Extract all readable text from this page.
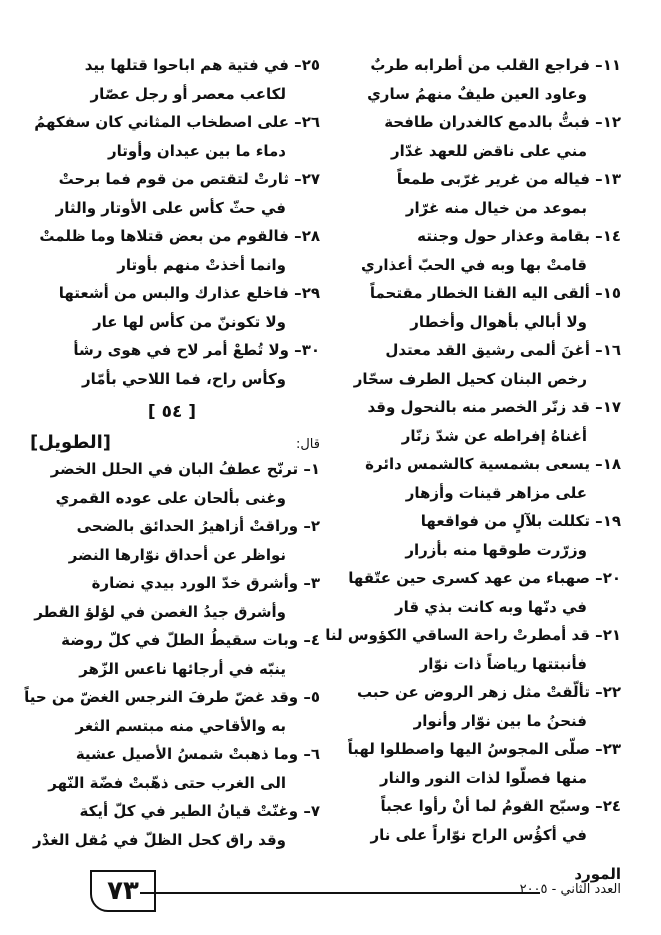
١١– فراجع القلب من أطرابه طربٌ
وعاود العين طيفٌ منهمُ ساري
١٢– فبتُّ بالدمع كالغدران طافحة
مني على ناقض للعهد غدّار
١٣– فياله من غرير غرّبى طمعاً
بموعد من خيال منه غرّار
١٤– بقامة وعذار حول وجنته
قامتْ بها وبه في الحبّ أعذاري
١٥– ألقى اليه القنا الخطار مقتحماً
ولا أبالي بأهوال وأخطار
١٦– أغنَ ألمى رشيق القد معتدل
رخص البنان كحيل الطرف سحّار
١٧– قد زنّر الخصر منه بالنحول وقد
أغناهُ إفراطه عن شدّ زنّار
١٨– يسعى بشمسية كالشمس دائرة
على مزاهر قينات وأزهار
١٩– تكللت بلآلٍ من فواقعها
وزرّرت طوقها منه بأزرار
٢٠– صهباء من عهد كسرى حين عتّقها
في دنّها وبه كانت بذي قار
٢١– قد أمطرتْ راحة الساقي الكؤوس لنا
فأنبتتها رياضاً ذات نوّار
٢٢– تألّقتْ مثل زهر الروض عن حبب
فنحنُ ما بين نوّار وأنوار
٢٣– صلّى المجوسُ اليها واصطلوا لهباً
منها فصلّوا لذات النور والنار
٢٤– وسبّح القومُ لما أنْ رأوا عجباً
في أكؤُس الراح نوّاراً على نار
٢٥– في فتية هم اباحوا قتلها بيد
لكاعب معصر أو رجل عصّار
٢٦– على اصطخاب المثاني كان سفكهمُ
دماء ما بين عيدان وأوتار
٢٧– ثارتْ لتقتص من قوم فما برحتْ
في حثّ كأس على الأوتار والثار
٢٨– فالقوم من بعض قتلاها وما ظلمتْ
وانما أخذتْ منهم بأوتار
٢٩– فاخلع عذارك والبس من أشعتها
ولا تكوننّ من كأس لها عار
٣٠– ولا تُطعْ أمر لاح في هوى رشأ
وكأس راح، فما اللاحي بأمّار
[ ٥٤ ]
قال:
[الطويل]
١– ترنّح عطفُ البان في الحلل الخضر
وغنى بألحان على عوده القمري
٢– وراقتْ أزاهيرُ الحدائق بالضحى
نواظر عن أحداق نوّارها النضر
٣– وأشرق خدّ الورد بيدي نضارة
وأشرق جيدُ الغصن في لؤلؤ القطر
٤– وبات سقيطُ الطلّ في كلّ روضة
ينبّه في أرجائها ناعس الزّهر
٥– وقد غضّ طرفَ النرجس الغضّ من حياً
به والأقاحي منه مبتسم الثغر
٦– وما ذهبتْ شمسُ الأصيل عشية
الى الغرب حتى ذهّبتْ فضّة النّهر
٧– وغنّتْ قيانُ الطير في كلّ أيكة
وقد راق كحل الظلّ في مُقل الغدْر
٧٣
المورد
العدد الثاني - ٢٠٠٥
